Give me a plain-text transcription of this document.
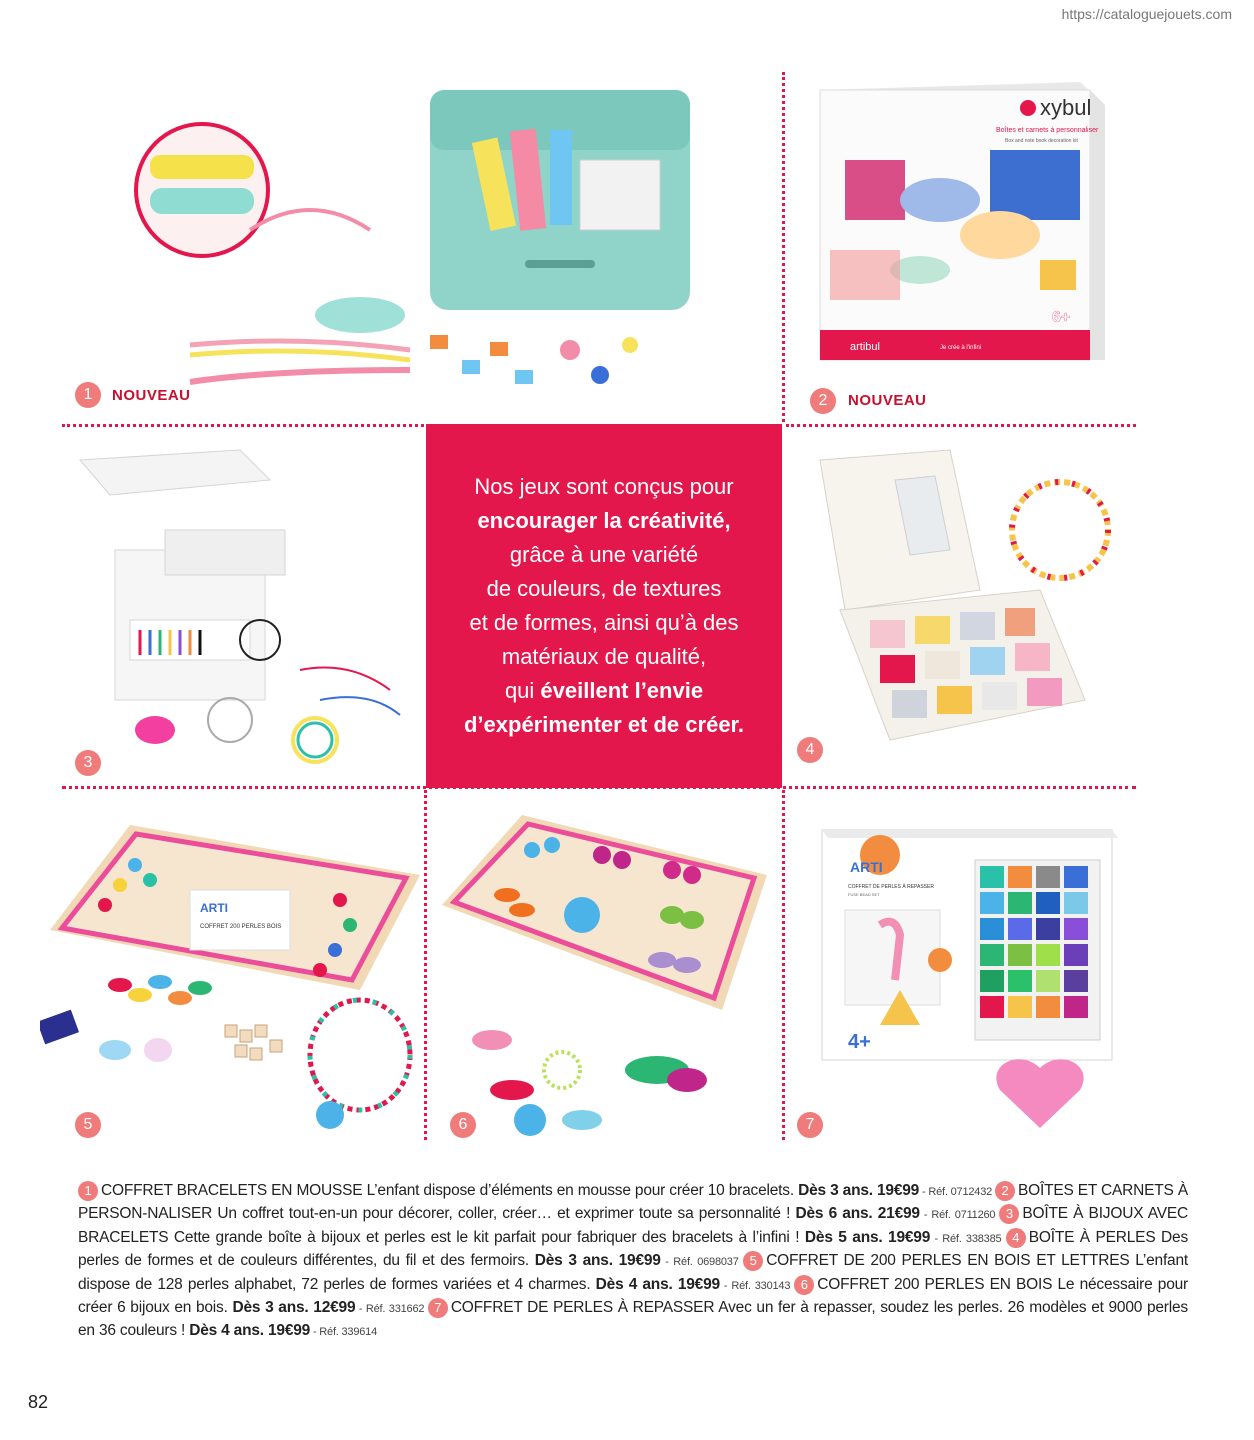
https://cataloguejouets.com
1	NOUVEAU
xybul
Boîtes et carnets à personnaliser
Box and note book decoration kit
6+
artibul	Je crée à l'infini
2	NOUVEAU
3

Nos jeux sont conçus pour
encourager la créativité,
grâce à une variété
de couleurs, de textures
et de formes, ainsi qu’à des
matériaux de qualité,
qui éveillent l’envie
d’expérimenter et de créer.

4
ARTI
COFFRET 200 PERLES BOIS
5	6
ARTI
COFFRET DE PERLES À REPASSER
FUSE BEAD SET
4+
7
1 COFFRET BRACELETS EN MOUSSE L’enfant dispose d’éléments en mousse pour créer 10 bracelets. Dès 3 ans. 19€99 - Réf. 0712432 2 BOÎTES ET CARNETS À PERSON-NALISER Un coffret tout-en-un pour décorer, coller, créer… et exprimer toute sa personnalité ! Dès 6 ans. 21€99 - Réf. 0711260 3 BOÎTE À BIJOUX AVEC BRACELETS Cette grande boîte à bijoux et perles est le kit parfait pour fabriquer des bracelets à l’infini ! Dès 5 ans. 19€99 - Réf. 338385 4 BOÎTE À PERLES Des perles de formes et de couleurs différentes, du fil et des fermoirs. Dès 3 ans. 19€99 - Réf. 0698037 5 COFFRET DE 200 PERLES EN BOIS ET LETTRES L’enfant dispose de 128 perles alphabet, 72 perles de formes variées et 4 charmes. Dès 4 ans. 19€99 - Réf. 330143 6 COFFRET 200 PERLES EN BOIS Le nécessaire pour créer 6 bijoux en bois. Dès 3 ans. 12€99 - Réf. 331662 7 COFFRET DE PERLES À REPASSER Avec un fer à repasser, soudez les perles. 26 modèles et 9000 perles en 36 couleurs ! Dès 4 ans. 19€99 - Réf. 339614
82
